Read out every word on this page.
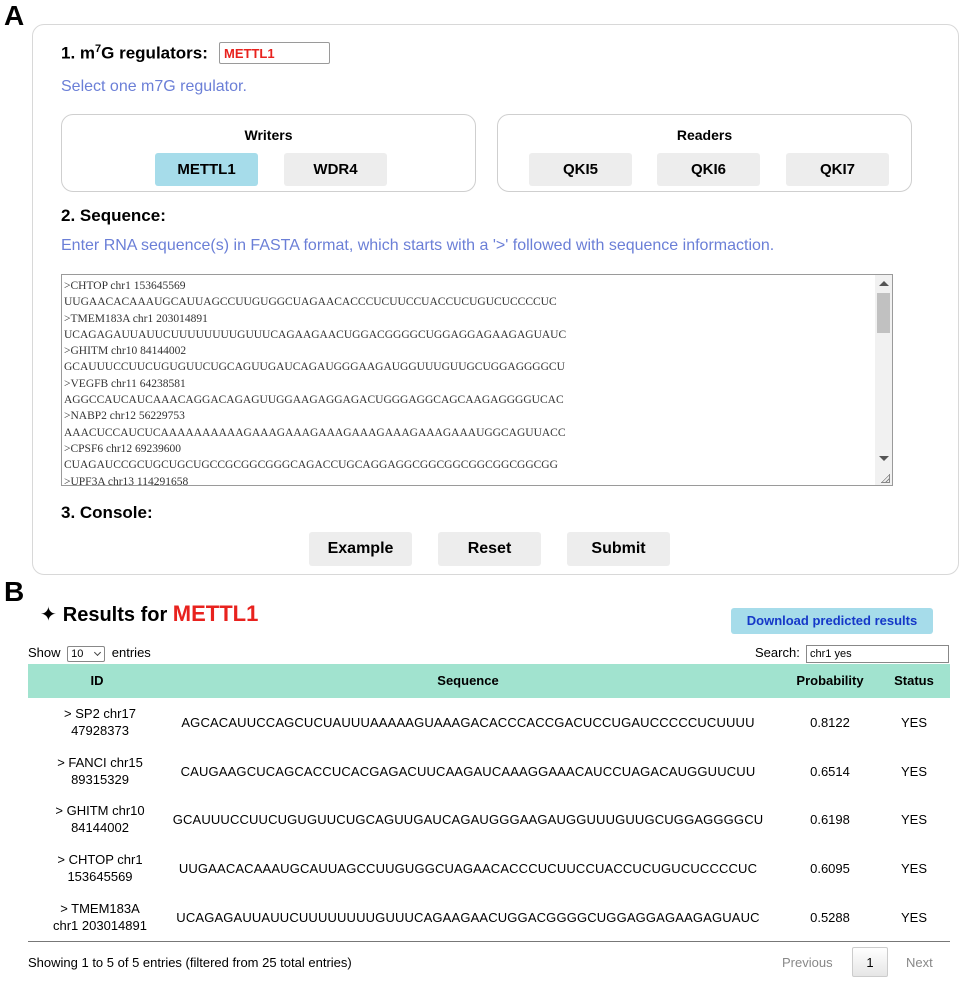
A
1. $m^7G$ regulators:	METTL1
Select one m7G regulator.
Writers	Readers
METTL1	WDR4	QKI5	QKI6	QKI7
2. Sequence:
Enter RNA sequence(s) in FASTA format, which starts with a '>' followed with sequence informaction.
>CHTOP chr1 153645569
UUGAACACAAAUGCAUUAGCCUUGUGGCUAGAACACCCUCUUCCUACCUCUGUCUCCCCUC
>TMEM183A chr1 203014891
UCAGAGAUUAUUCUUUUUUUUGUUUCAGAAGAACUGGACGGGGCUGGAGGAGAAGAGUAUC
>GHITM chr10 84144002
GCAUUUCCUUCUGUGUUCUGCAGUUGAUCAGAUGGGAAGAUGGUUUGUUGCUGGAGGGGCU
>VEGFB chr11 64238581
AGGCCAUCAUCAAACAGGACAGAGUUGGAAGAGGAGACUGGGAGGCAGCAAGAGGGGUCAC
>NABP2 chr12 56229753
AAACUCCAUCUCAAAAAAAAAAGAAAGAAAGAAAGAAAGAAAGAAAGAAAUGGCAGUUACC
>CPSF6 chr12 69239600
CUAGAUCCGCUGCUGCUGCCGCGGCGGGCAGACCUGCAGGAGGCGGCGGCGGCGGCGGCGG
>UPF3A chr13 114291658
3. Console:
Example	Reset	Submit
B
✦ Results for METTL1	Download predicted results
Show 10 entries	Search: chr1 yes
ID	Sequence	Probability	Status
> SP2 chr17
47928373
AGCACAUUCCAGCUCUAUUUAAAAAGUAAAGACACCCACCGACUCCUGAUCCCCCUCUUUU	0.8122	YES
> FANCI chr15
89315329
CAUGAAGCUCAGCACCUCACGAGACUUCAAGAUCAAAGGAAACAUCCUAGACAUGGUUCUU	0.6514	YES
> GHITM chr10
84144002
GCAUUUCCUUCUGUGUUCUGCAGUUGAUCAGAUGGGAAGAUGGUUUGUUGCUGGAGGGGCU	0.6198	YES
> CHTOP chr1
153645569
UUGAACACAAAUGCAUUAGCCUUGUGGCUAGAACACCCUCUUCCUACCUCUGUCUCCCCUC	0.6095	YES
> TMEM183A
chr1 203014891
UCAGAGAUUAUUCUUUUUUUUGUUUCAGAAGAACUGGACGGGGCUGGAGGAGAAGAGUAUC	0.5288	YES
Showing 1 to 5 of 5 entries (filtered from 25 total entries)	Previous	1	Next
